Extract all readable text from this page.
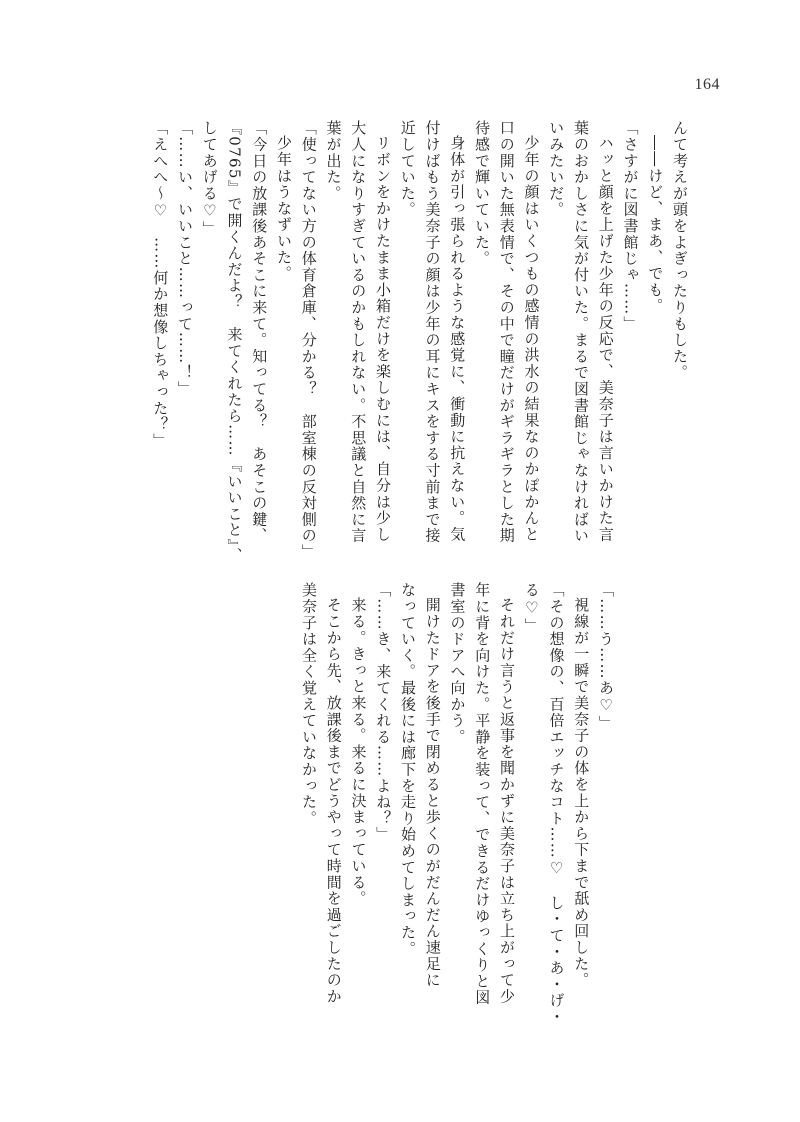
164
んて考えが頭をよぎったりもした。
――けど、まあ、でも。
「さすがに図書館じゃ……」
ハッと顔を上げた少年の反応で、美奈子は言いかけた言
葉のおかしさに気が付いた。まるで図書館じゃなければい
いみたいだ。
少年の顔はいくつもの感情の洪水の結果なのかぽかんと
口の開いた無表情で、その中で瞳だけがギラギラとした期
待感で輝いていた。
身体が引っ張られるような感覚に、衝動に抗えない。気
付けばもう美奈子の顔は少年の耳にキスをする寸前まで接
近していた。
リボンをかけたまま小箱だけを楽しむには、自分は少し
大人になりすぎているのかもしれない。不思議と自然に言
葉が出た。
「使ってない方の体育倉庫、分かる？　部室棟の反対側の」
少年はうなずいた。
「今日の放課後あそこに来て。知ってる？　あそこの鍵、
『0765』で開くんだよ？　来てくれたら……『いいこと』、
してあげる♡」
「……い、いいこと……って……！」
「えへへ～♡　……何か想像しちゃった？」
「……う……あ♡」
視線が一瞬で美奈子の体を上から下まで舐め回した。
「その想像の、百倍エッチなコト……♡　し・て・あ・げ・
る♡」
それだけ言うと返事を聞かずに美奈子は立ち上がって少
年に背を向けた。平静を装って、できるだけゆっくりと図
書室のドアへ向かう。
開けたドアを後手で閉めると歩くのがだんだん速足に
なっていく。最後には廊下を走り始めてしまった。
「……き、来てくれる……よね？」
来る。きっと来る。来るに決まっている。
そこから先、放課後までどうやって時間を過ごしたのか
美奈子は全く覚えていなかった。
